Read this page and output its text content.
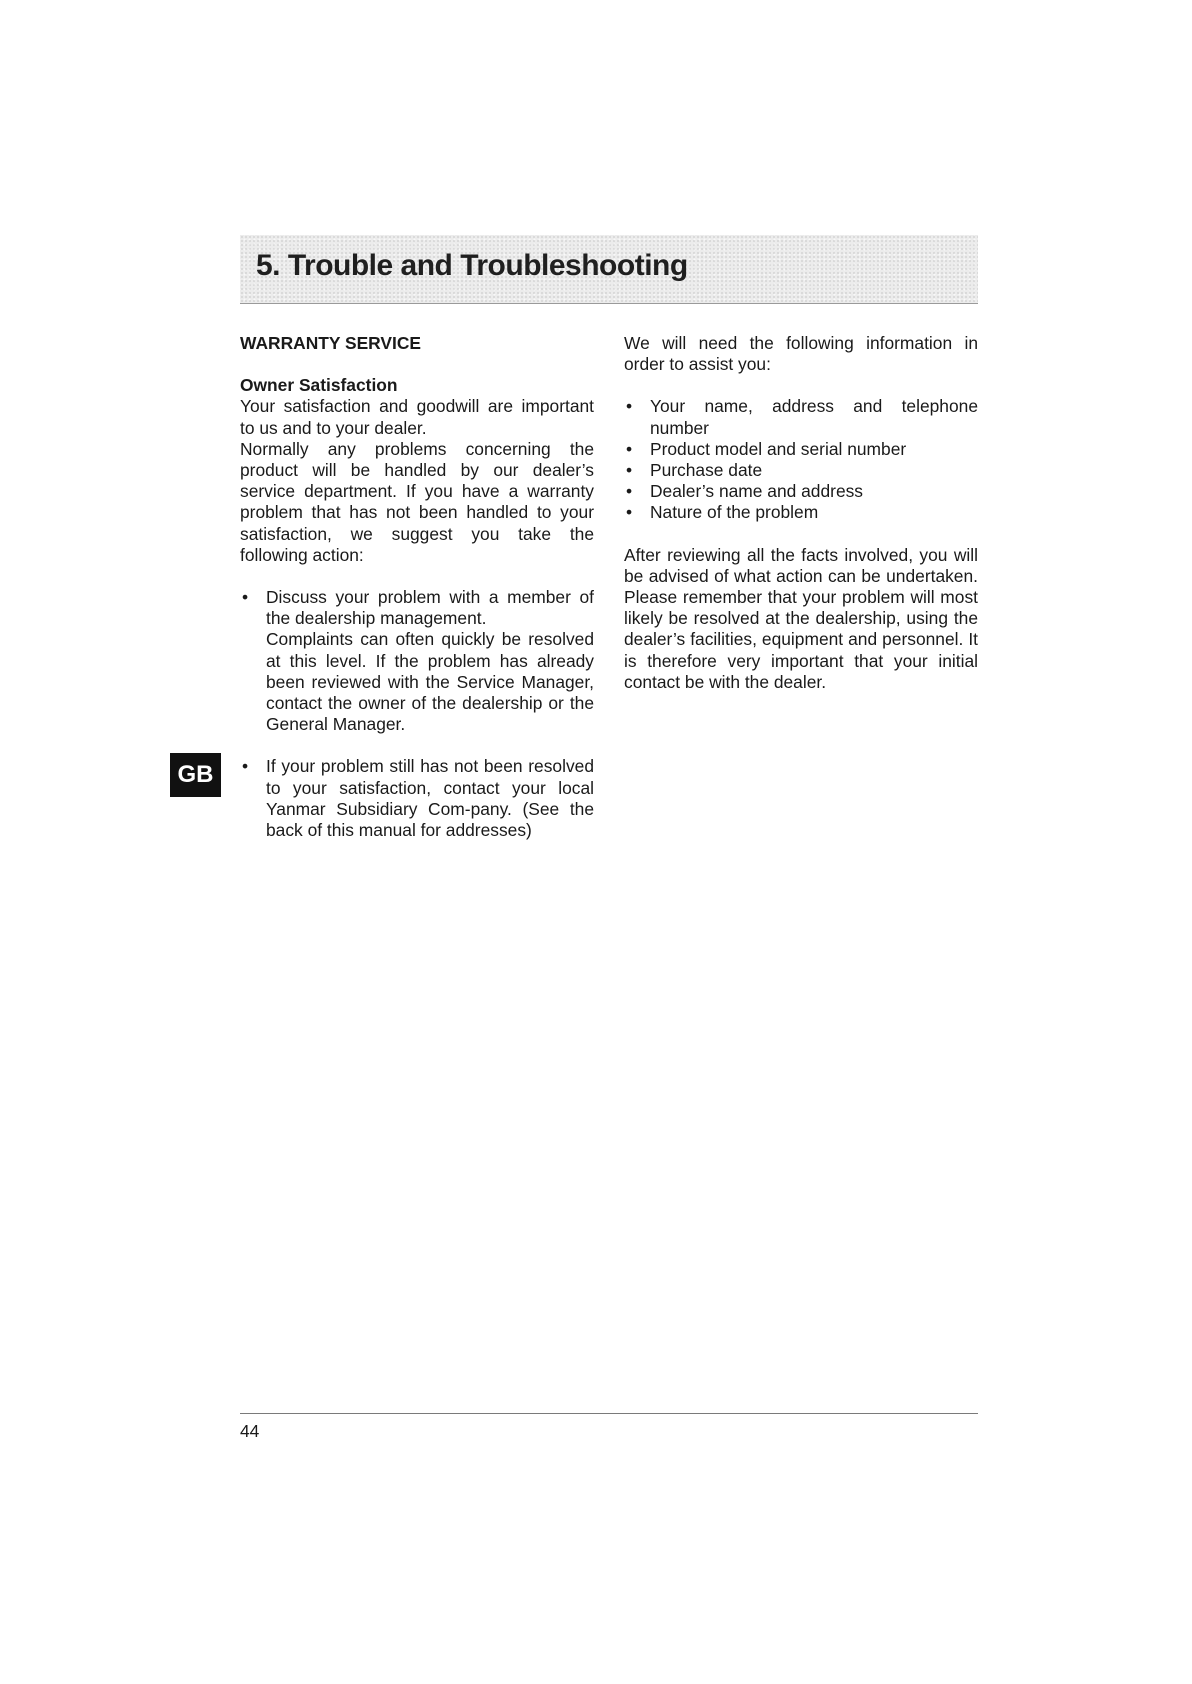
5. Trouble and Troubleshooting
GB

WARRANTY SERVICE

Owner Satisfaction

Your satisfaction and goodwill are important to us and to your dealer.

Normally any problems concerning the product will be handled by our dealer’s service department. If you have a warranty problem that has not been handled to your satisfaction, we suggest you take the following action:

• Discuss your problem with a member of the dealership management.
Complaints can often quickly be resolved at this level. If the problem has already been reviewed with the Service Manager, contact the owner of the dealership or the General Manager.
• If your problem still has not been resolved to your satisfaction, contact your local Yanmar Subsidiary Com-pany. (See the back of this manual for addresses)

We will need the following information in order to assist you:

• Your name, address and telephone number
• Product model and serial number
• Purchase date
• Dealer’s name and address
• Nature of the problem

After reviewing all the facts involved, you will be advised of what action can be undertaken. Please remember that your problem will most likely be resolved at the dealership, using the dealer’s facilities, equipment and personnel. It is therefore very important that your initial contact be with the dealer.

44
